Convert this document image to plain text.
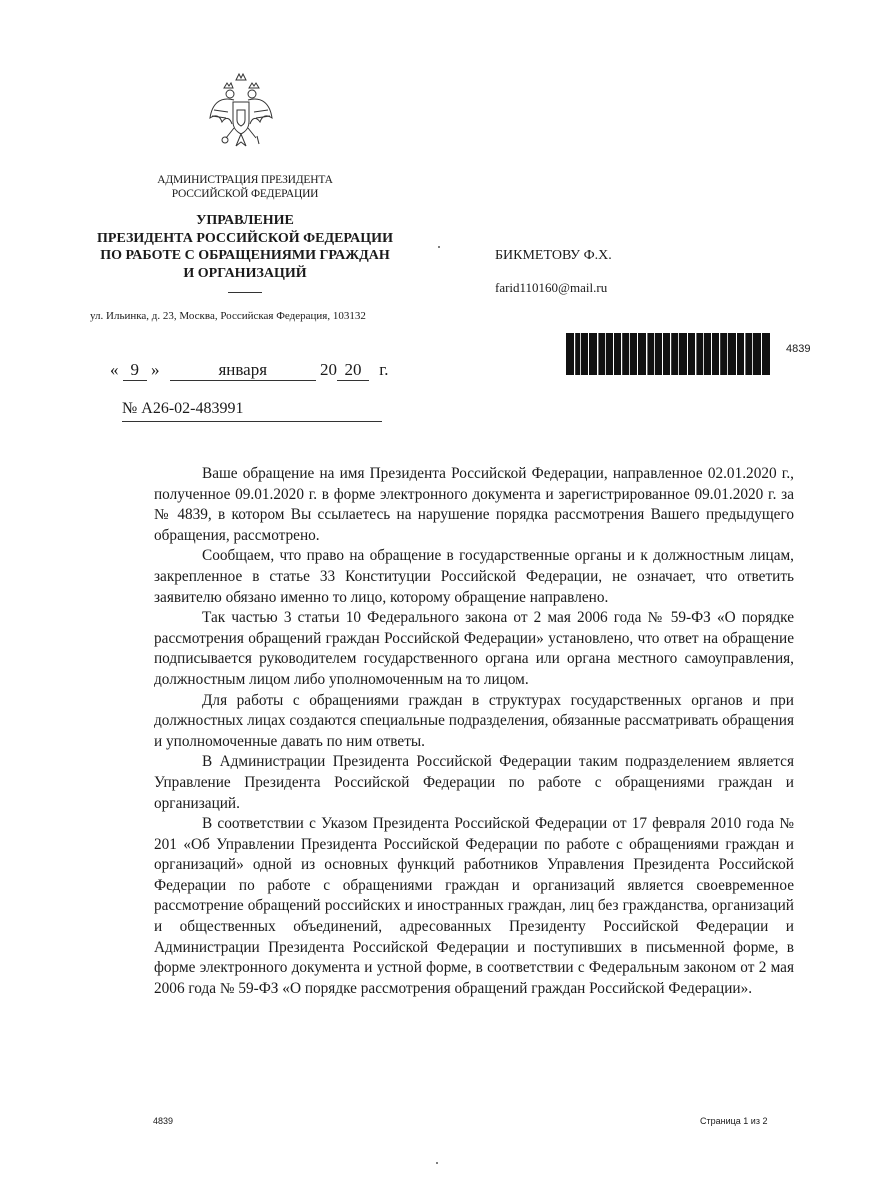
АДМИНИСТРАЦИЯ ПРЕЗИДЕНТА
РОССИЙСКОЙ ФЕДЕРАЦИИ
УПРАВЛЕНИЕ
ПРЕЗИДЕНТА РОССИЙСКОЙ ФЕДЕРАЦИИ
ПО РАБОТЕ С ОБРАЩЕНИЯМИ ГРАЖДАН
И ОРГАНИЗАЦИЙ
ул. Ильинка, д. 23, Москва, Российская Федерация, 103132
БИКМЕТОВУ Ф.Х.
farid110160@mail.ru
4839
« 9 »	января	20 20 г.
№ А26-02-483991

Ваше обращение на имя Президента Российской Федерации, направленное 02.01.2020 г., полученное 09.01.2020 г. в форме электронного документа и зарегистрированное 09.01.2020 г. за № 4839, в котором Вы ссылаетесь на нарушение порядка рассмотрения Вашего предыдущего обращения, рассмотрено.

Сообщаем, что право на обращение в государственные органы и к должностным лицам, закрепленное в статье 33 Конституции Российской Федерации, не означает, что ответить заявителю обязано именно то лицо, которому обращение направлено.

Так частью 3 статьи 10 Федерального закона от 2 мая 2006 года № 59-ФЗ «О порядке рассмотрения обращений граждан Российской Федерации» установлено, что ответ на обращение подписывается руководителем государственного органа или органа местного самоуправления, должностным лицом либо уполномоченным на то лицом.

Для работы с обращениями граждан в структурах государственных органов и при должностных лицах создаются специальные подразделения, обязанные рассматривать обращения и уполномоченные давать по ним ответы.

В Администрации Президента Российской Федерации таким подразделением является Управление Президента Российской Федерации по работе с обращениями граждан и организаций.

В соответствии с Указом Президента Российской Федерации от 17 февраля 2010 года № 201 «Об Управлении Президента Российской Федерации по работе с обращениями граждан и организаций» одной из основных функций работников Управления Президента Российской Федерации по работе с обращениями граждан и организаций является своевременное рассмотрение обращений российских и иностранных граждан, лиц без гражданства, организаций и общественных объединений, адресованных Президенту Российской Федерации и Администрации Президента Российской Федерации и поступивших в письменной форме, в форме электронного документа и устной форме, в соответствии с Федеральным законом от 2 мая 2006 года № 59-ФЗ «О порядке рассмотрения обращений граждан Российской Федерации».

4839	Страница 1 из 2
